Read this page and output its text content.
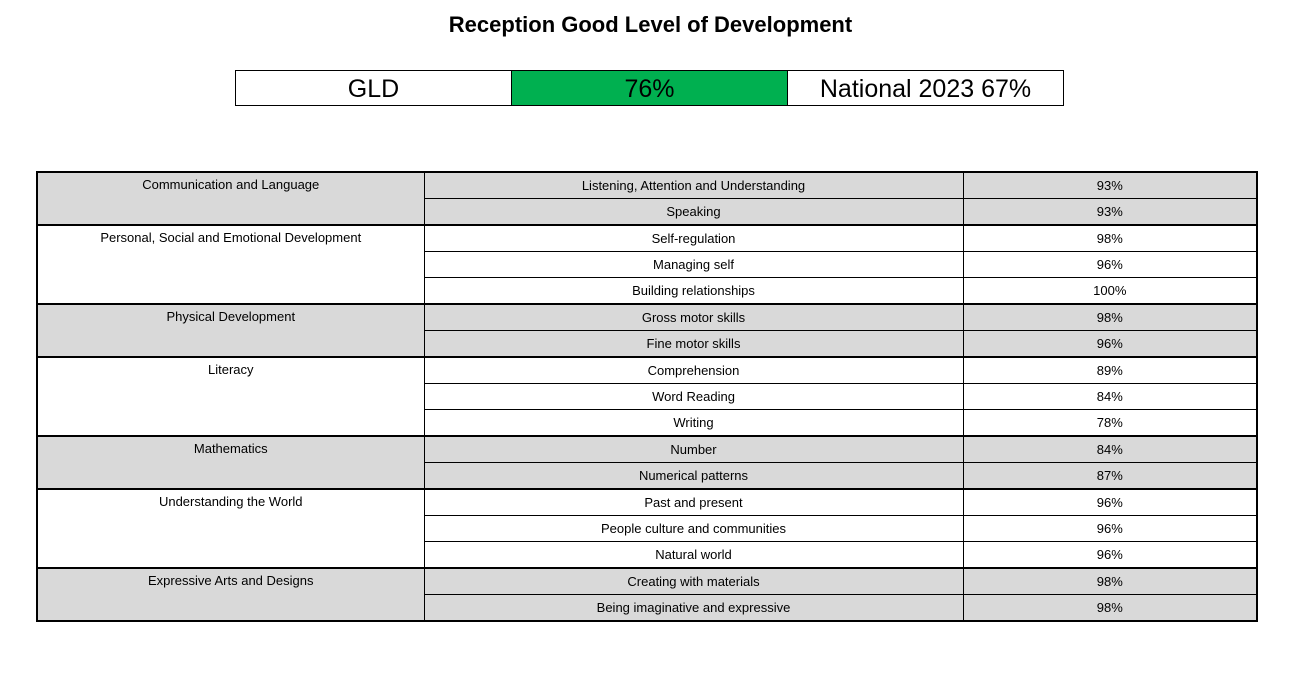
Reception Good Level of Development
GLD	76%	National 2023 67%
Communication and Language	Listening, Attention and Understanding	93%
	Speaking	93%
Personal, Social and Emotional Development	Self-regulation	98%
	Managing self	96%
	Building relationships	100%
Physical Development	Gross motor skills	98%
	Fine motor skills	96%
Literacy	Comprehension	89%
	Word Reading	84%
	Writing	78%
Mathematics	Number	84%
	Numerical patterns	87%
Understanding the World	Past and present	96%
	People culture and communities	96%
	Natural world	96%
Expressive Arts and Designs	Creating with materials	98%
	Being imaginative and expressive	98%
